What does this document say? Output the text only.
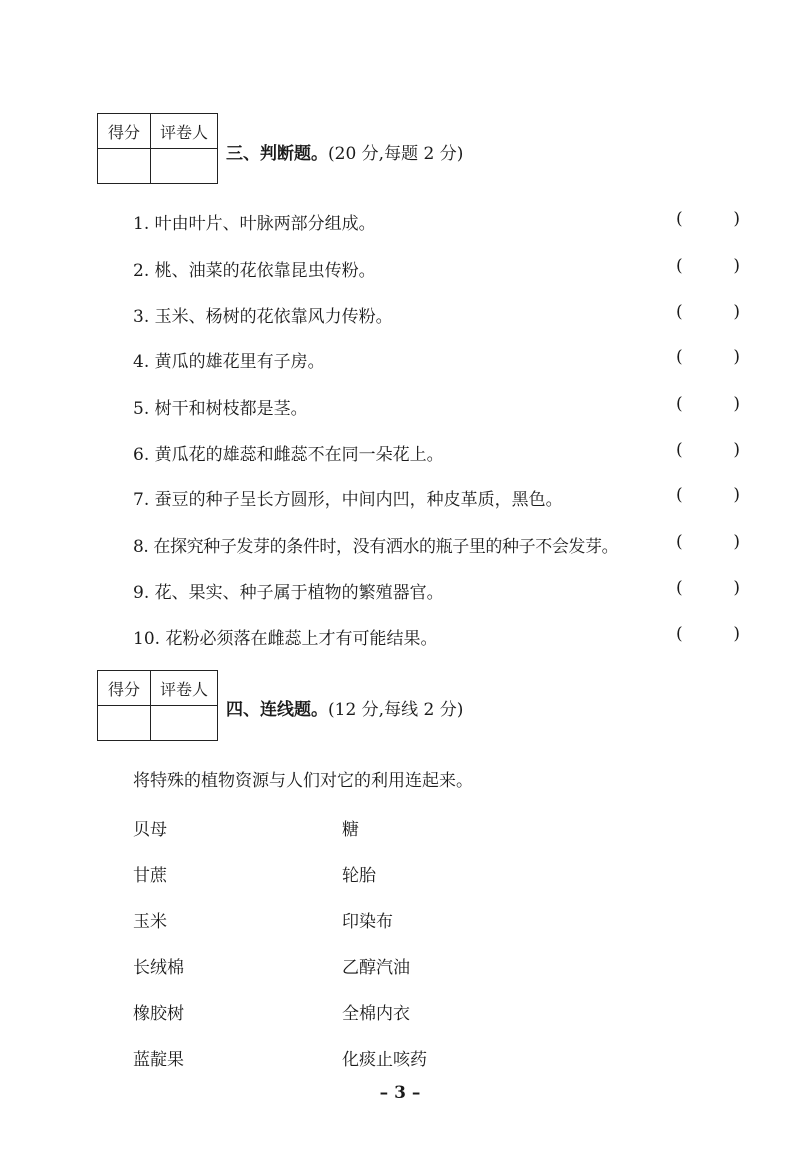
得分	评卷人

三、判断题。(20 分,每题 2 分)
1. 叶由叶片、叶脉两部分组成。	(	)
2. 桃、油菜的花依靠昆虫传粉。	(	)
3. 玉米、杨树的花依靠风力传粉。	(	)
4. 黄瓜的雄花里有子房。	(	)
5. 树干和树枝都是茎。	(	)
6. 黄瓜花的雄蕊和雌蕊不在同一朵花上。	(	)
7. 蚕豆的种子呈长方圆形，中间内凹，种皮革质，黑色。	(	)
8. 在探究种子发芽的条件时，没有洒水的瓶子里的种子不会发芽。	(	)
9. 花、果实、种子属于植物的繁殖器官。	(	)
10. 花粉必须落在雌蕊上才有可能结果。	(	)
得分	评卷人

四、连线题。(12 分,每线 2 分)
将特殊的植物资源与人们对它的利用连起来。
贝母	糖
甘蔗	轮胎
玉米	印染布
长绒棉	乙醇汽油
橡胶树	全棉内衣
蓝靛果	化痰止咳药
– 3 –
